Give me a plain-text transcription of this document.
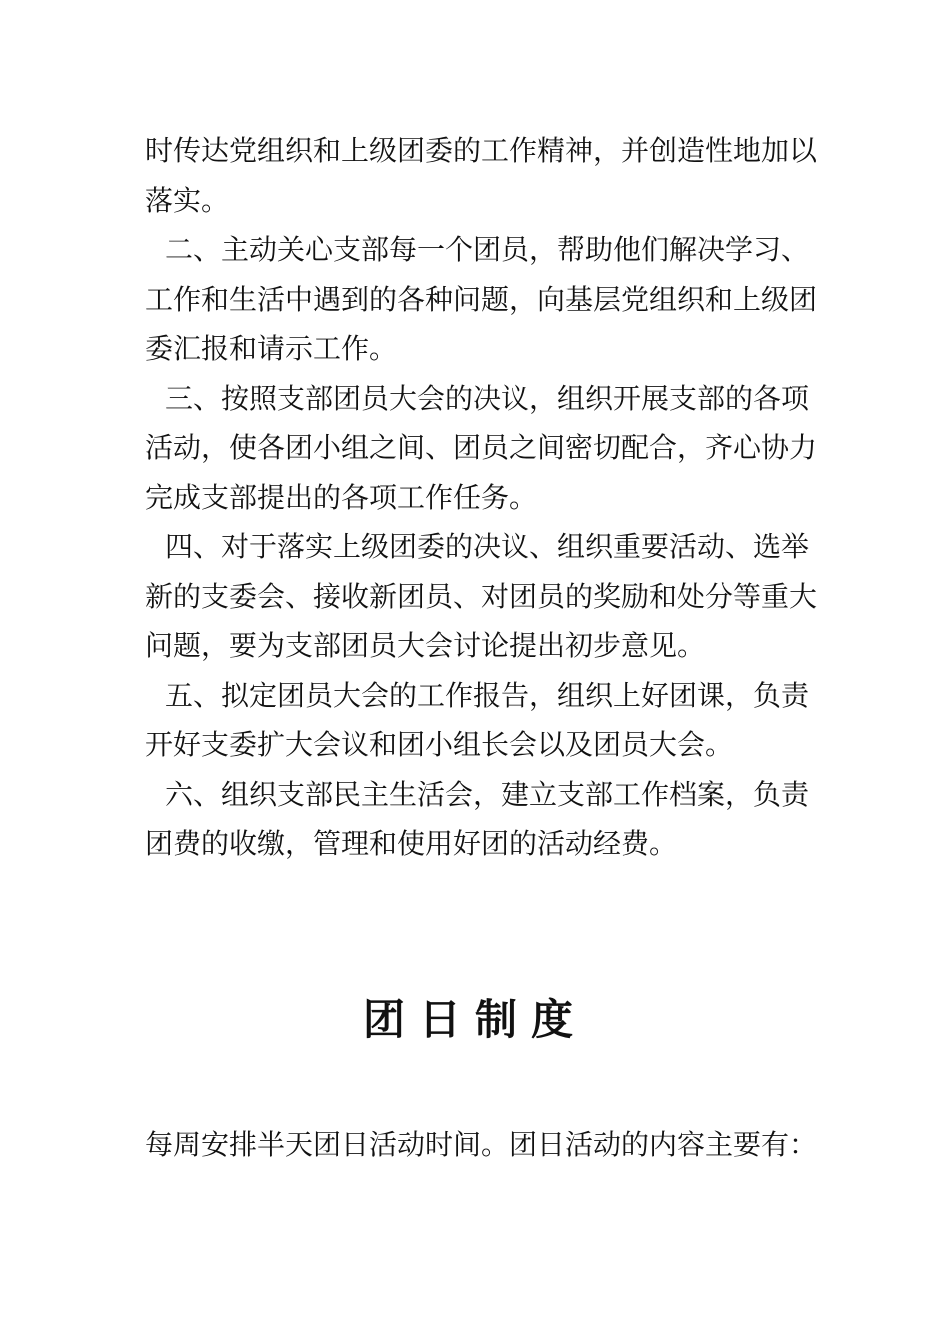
时传达党组织和上级团委的工作精神，并创造性地加以落实。

二、主动关心支部每一个团员，帮助他们解决学习、工作和生活中遇到的各种问题，向基层党组织和上级团委汇报和请示工作。

三、按照支部团员大会的决议，组织开展支部的各项活动，使各团小组之间、团员之间密切配合，齐心协力完成支部提出的各项工作任务。

四、对于落实上级团委的决议、组织重要活动、选举新的支委会、接收新团员、对团员的奖励和处分等重大问题，要为支部团员大会讨论提出初步意见。

五、拟定团员大会的工作报告，组织上好团课，负责开好支委扩大会议和团小组长会以及团员大会。

六、组织支部民主生活会，建立支部工作档案，负责团费的收缴，管理和使用好团的活动经费。

团日制度

每周安排半天团日活动时间。团日活动的内容主要有：
